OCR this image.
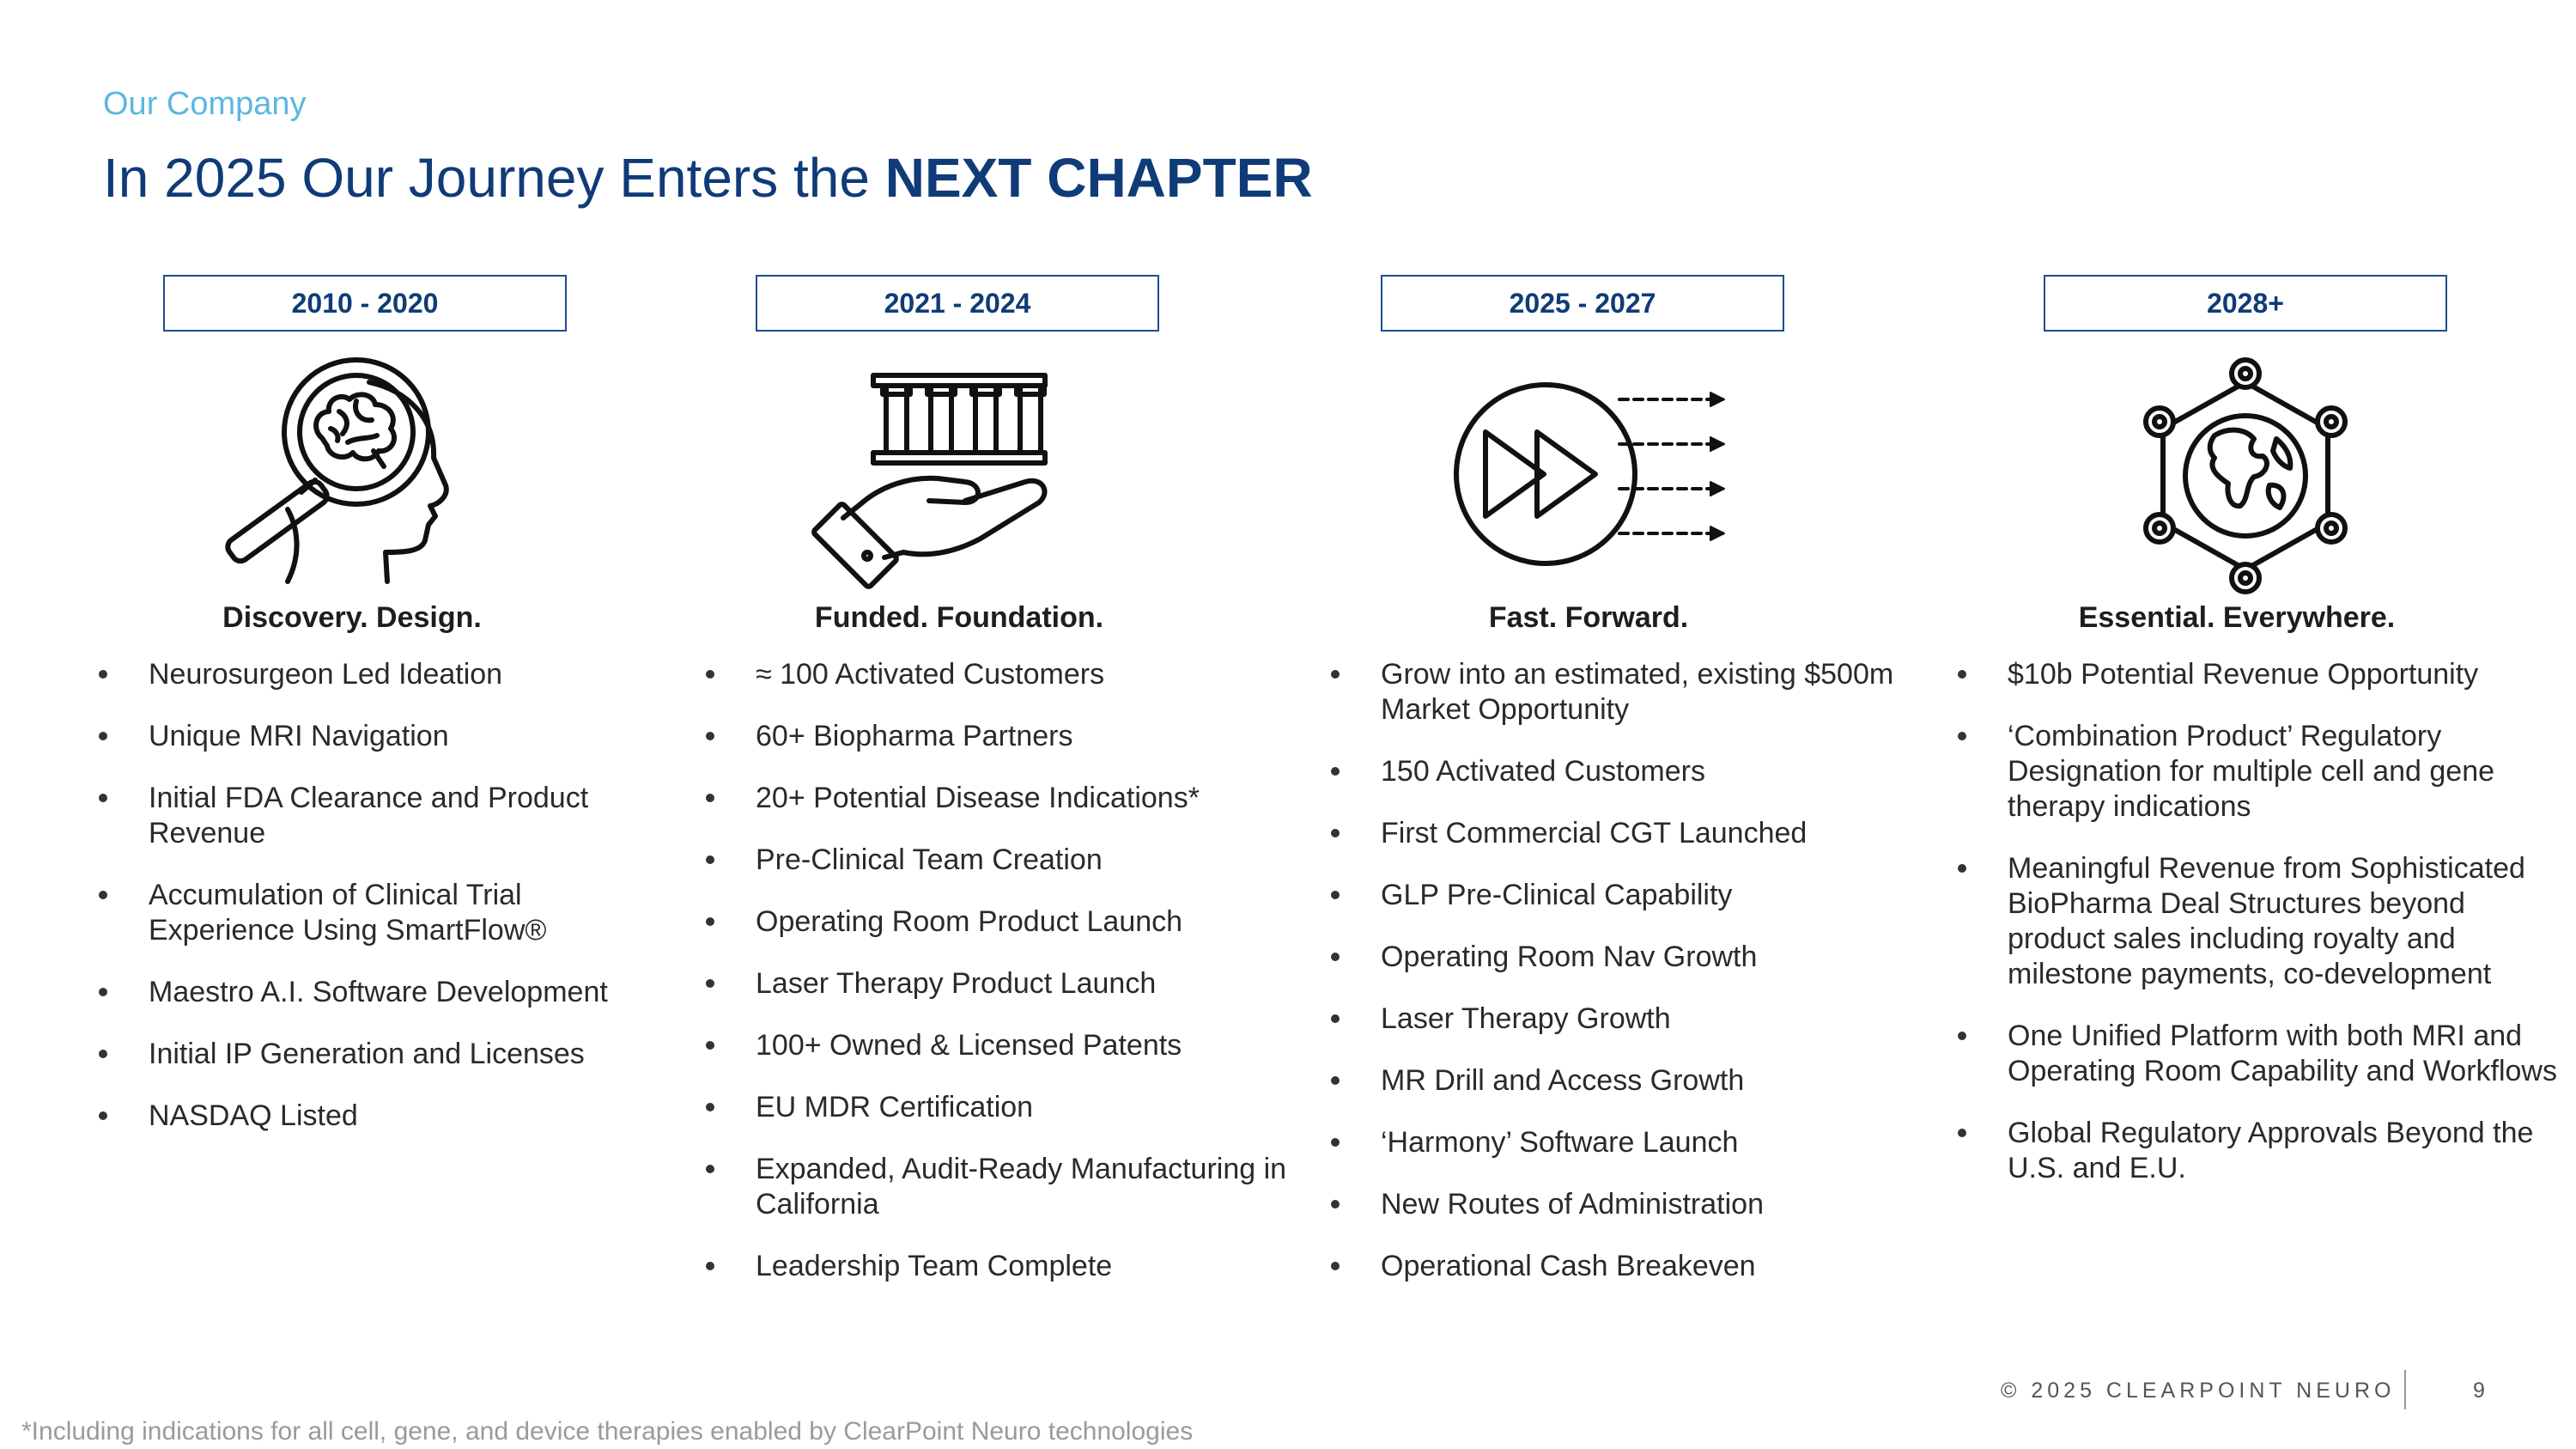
Our Company
In 2025 Our Journey Enters the NEXT CHAPTER
2010 - 2020
Discovery. Design.
Neurosurgeon Led Ideation
Unique MRI Navigation
Initial FDA Clearance and Product Revenue
Accumulation of Clinical Trial Experience Using SmartFlow®
Maestro A.I. Software Development
Initial IP Generation and Licenses
NASDAQ Listed
2021 - 2024
Funded. Foundation.
≈ 100 Activated Customers
60+ Biopharma Partners
20+ Potential Disease Indications*
Pre-Clinical Team Creation
Operating Room Product Launch
Laser Therapy Product Launch
100+ Owned & Licensed Patents
EU MDR Certification
Expanded, Audit-Ready Manufacturing in California
Leadership Team Complete
2025 - 2027
Fast. Forward.
Grow into an estimated, existing $500m Market Opportunity
150 Activated Customers
First Commercial CGT Launched
GLP Pre-Clinical Capability
Operating Room Nav Growth
Laser Therapy Growth
MR Drill and Access Growth
‘Harmony’ Software Launch
New Routes of Administration
Operational Cash Breakeven
2028+
Essential. Everywhere.
$10b Potential Revenue Opportunity
‘Combination Product’ Regulatory Designation for multiple cell and gene therapy indications
Meaningful Revenue from Sophisticated BioPharma Deal Structures beyond product sales including royalty and milestone payments, co-development
One Unified Platform with both MRI and Operating Room Capability and Workflows
Global Regulatory Approvals Beyond the U.S. and E.U.
© 2025 CLEARPOINT NEURO	9
*Including indications for all cell, gene, and device therapies enabled by ClearPoint Neuro technologies
